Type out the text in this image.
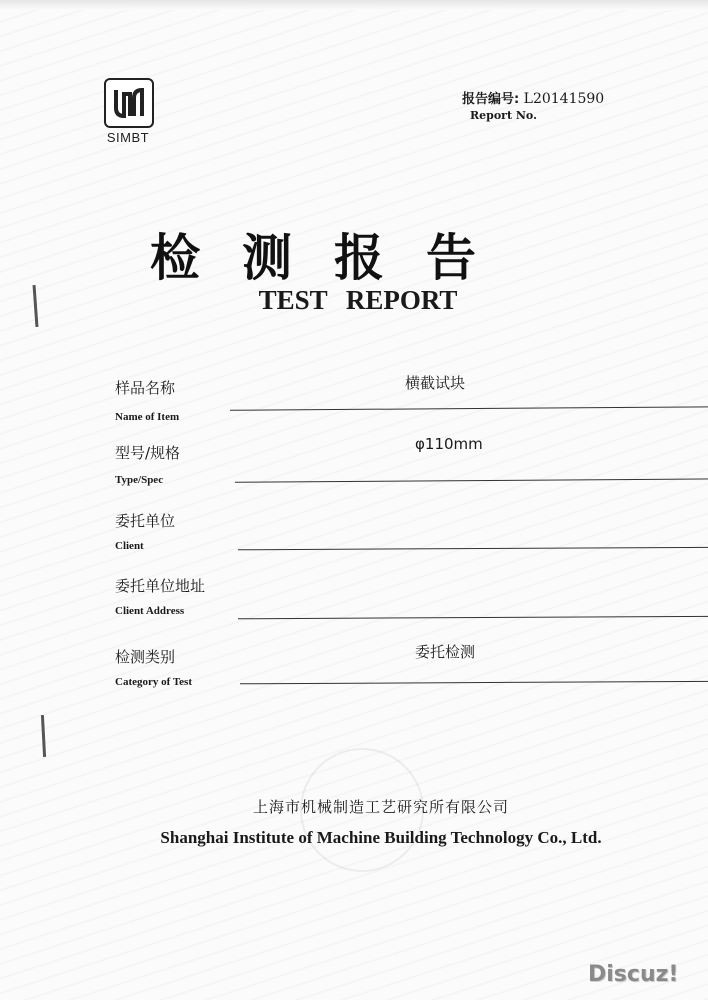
SIMBT
报告编号: L20141590
Report No.
检测报告
TEST REPORT
样品名称
Name of Item
横截试块
型号/规格
Type/Spec
φ110mm
委托单位
Client
委托单位地址
Client Address
检测类别
Category of Test
委托检测
上海市机械制造工艺研究所有限公司
Shanghai Institute of Machine Building Technology Co., Ltd.
Discuz!
